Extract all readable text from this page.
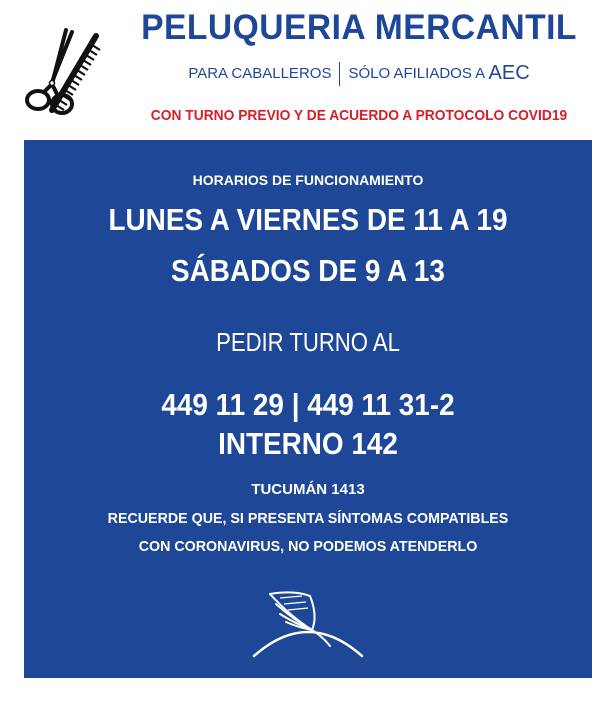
PELUQUERIA MERCANTIL
PARA CABALLEROS SÓLO AFILIADOS A AEC
CON TURNO PREVIO Y DE ACUERDO A PROTOCOLO COVID19
HORARIOS DE FUNCIONAMIENTO
LUNES A VIERNES DE 11 A 19
SÁBADOS DE 9 A 13
PEDIR TURNO AL
449 11 29 | 449 11 31-2
INTERNO 142
TUCUMÁN 1413
RECUERDE QUE, SI PRESENTA SÍNTOMAS COMPATIBLES
CON CORONAVIRUS, NO PODEMOS ATENDERLO
